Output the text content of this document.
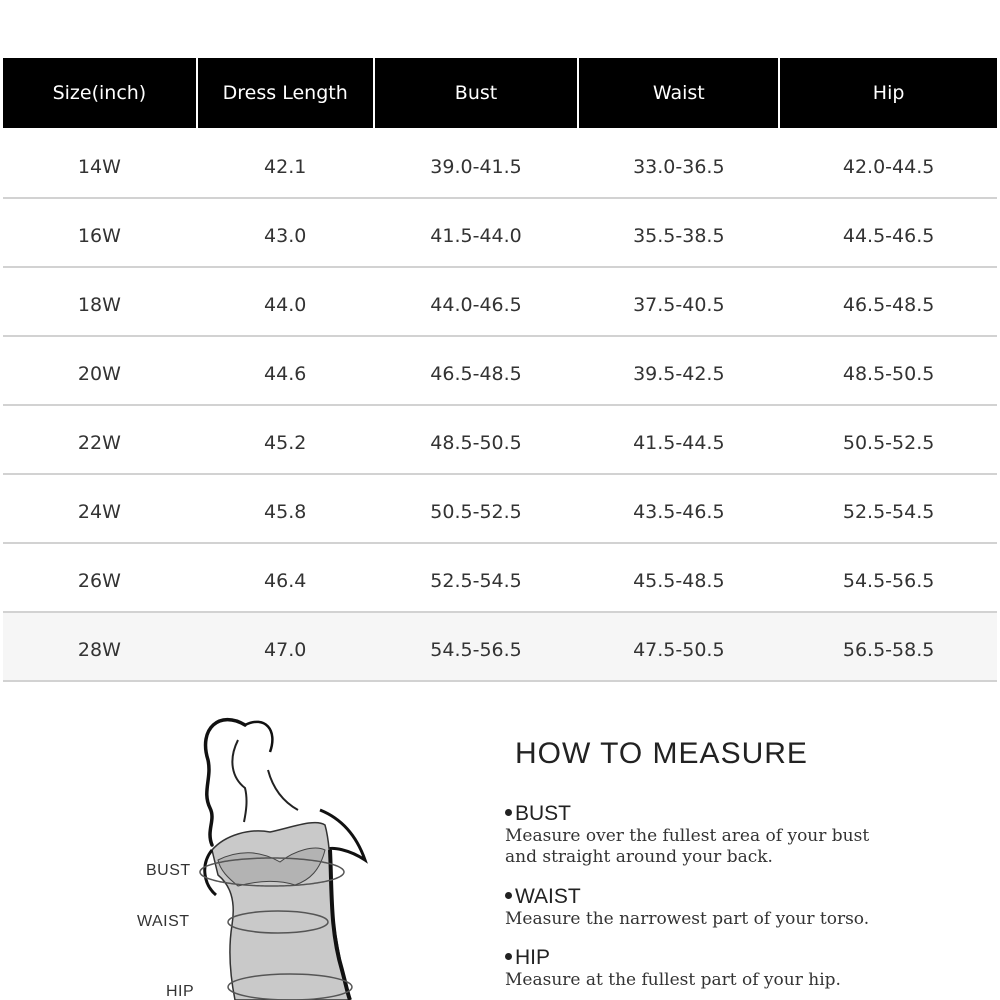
Size(inch)	Dress Length	Bust	Waist	Hip
14W	42.1	39.0-41.5	33.0-36.5	42.0-44.5
16W	43.0	41.5-44.0	35.5-38.5	44.5-46.5
18W	44.0	44.0-46.5	37.5-40.5	46.5-48.5
20W	44.6	46.5-48.5	39.5-42.5	48.5-50.5
22W	45.2	48.5-50.5	41.5-44.5	50.5-52.5
24W	45.8	50.5-52.5	43.5-46.5	52.5-54.5
26W	46.4	52.5-54.5	45.5-48.5	54.5-56.5
28W	47.0	54.5-56.5	47.5-50.5	56.5-58.5
BUST
WAIST
HIP
HOW TO MEASURE
BUST
Measure over the fullest area of your bust and straight around your back.
WAIST
Measure the narrowest part of your torso.
HIP
Measure at the fullest part of your hip.
